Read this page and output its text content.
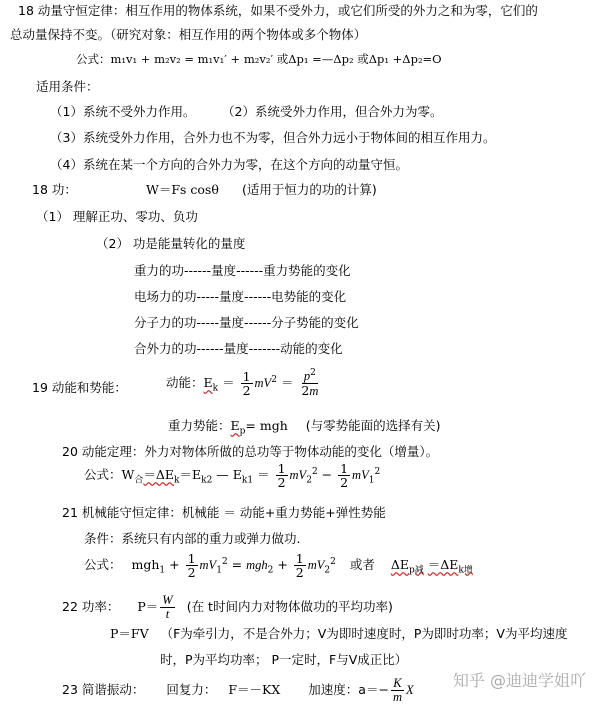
18 动量守恒定律：相互作用的物体系统，如果不受外力，或它们所受的外力之和为零，它们的
总动量保持不变。（研究对象：相互作用的两个物体或多个物体）
公式：m₁v₁ + m₂v₂ = m₁v₁′ + m₂v₂′ 或Δp₁ =—Δp₂ 或Δp₁ +Δp₂=O
适用条件：
（1）系统不受外力作用。 （2）系统受外力作用，但合外力为零。
（3）系统受外力作用，合外力也不为零，但合外力远小于物体间的相互作用力。
（4）系统在某一个方向的合外力为零，在这个方向的动量守恒。
18 功：	W＝Fs cosθ (适用于恒力的功的计算)
（1） 理解正功、零功、负功
（2） 功是能量转化的量度
重力的功------量度------重力势能的变化
电场力的功-----量度------电势能的变化
分子力的功-----量度------分子势能的变化
合外力的功------量度-------动能的变化
19 动能和势能：	动能：$E_k = \frac{1}{2} mV^2 = \frac{p^2}{2m}$
重力势能：$E_p=$ mgh (与零势能面的选择有关)
20 动能定理：外力对物体所做的总功等于物体动能的变化（增量）。
公式：$W_合=\Delta E_k=E_{k2}$ — $E_{k1} = \frac{1}{2} mV_2^2 - \frac{1}{2} mV_1^2$
21 机械能守恒定律：机械能 ＝ 动能+重力势能+弹性势能
条件：系统只有内部的重力或弹力做功.
公式： $mgh_1 + \frac{1}{2} mV_1^2 = mgh_2 + \frac{1}{2} mV_2^2$ 或者 $\Delta E_{p减} =\Delta E_{k增}$
22 功率： $P= \frac{W}{t}$ (在 t时间内力对物体做功的平均功率)
P＝FV （F为牵引力，不是合外力；V为即时速度时，P为即时功率；V为平均速度
时，P为平均功率； P一定时，F与V成正比）
23 简谐振动： 回复力： F＝－KX 加速度：$a=- \frac{K}{m}$ X
知乎 @迪迪学姐吖
